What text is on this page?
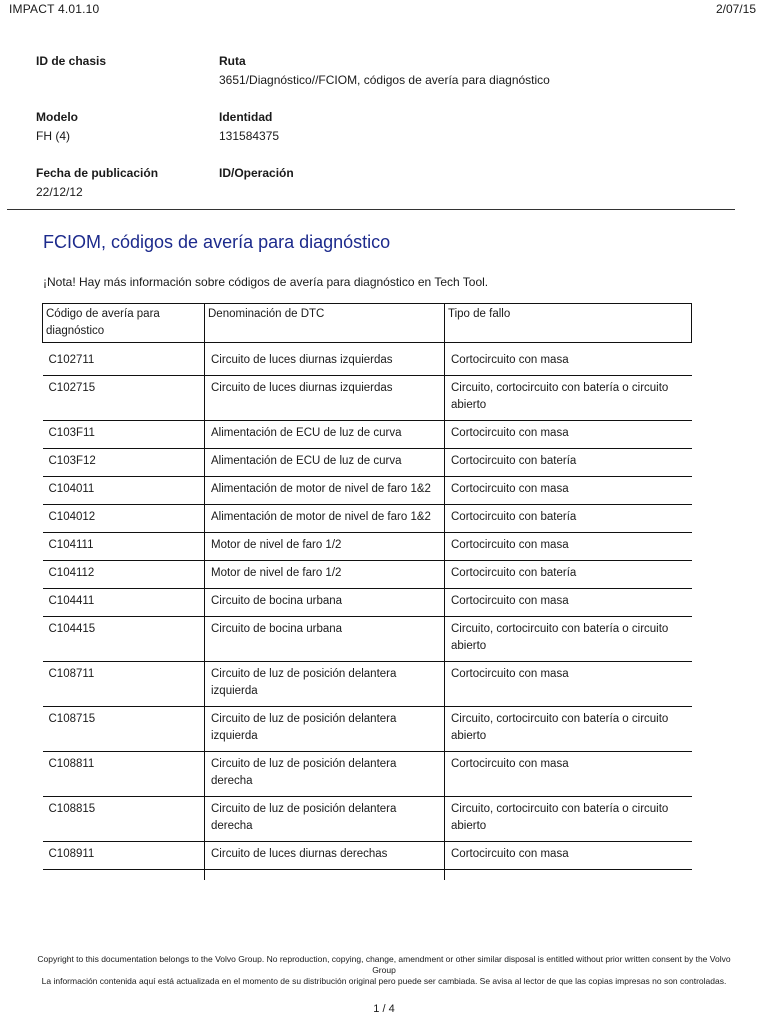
IMPACT 4.01.10	2/07/15
ID de chasis	Ruta
3651/Diagnóstico//FCIOM, códigos de avería para diagnóstico
Modelo
FH (4)
Identidad
131584375
Fecha de publicación
22/12/12
ID/Operación
FCIOM, códigos de avería para diagnóstico
¡Nota! Hay más información sobre códigos de avería para diagnóstico en Tech Tool.
Código de avería para diagnóstico	Denominación de DTC	Tipo de fallo
C102711	Circuito de luces diurnas izquierdas	Cortocircuito con masa
C102715	Circuito de luces diurnas izquierdas	Circuito, cortocircuito con batería o circuito abierto
C103F11	Alimentación de ECU de luz de curva	Cortocircuito con masa
C103F12	Alimentación de ECU de luz de curva	Cortocircuito con batería
C104011	Alimentación de motor de nivel de faro 1&2	Cortocircuito con masa
C104012	Alimentación de motor de nivel de faro 1&2	Cortocircuito con batería
C104111	Motor de nivel de faro 1/2	Cortocircuito con masa
C104112	Motor de nivel de faro 1/2	Cortocircuito con batería
C104411	Circuito de bocina urbana	Cortocircuito con masa
C104415	Circuito de bocina urbana	Circuito, cortocircuito con batería o circuito abierto
C108711	Circuito de luz de posición delantera izquierda	Cortocircuito con masa
C108715	Circuito de luz de posición delantera izquierda	Circuito, cortocircuito con batería o circuito abierto
C108811	Circuito de luz de posición delantera derecha	Cortocircuito con masa
C108815	Circuito de luz de posición delantera derecha	Circuito, cortocircuito con batería o circuito abierto
C108911	Circuito de luces diurnas derechas	Cortocircuito con masa

Copyright to this documentation belongs to the Volvo Group. No reproduction, copying, change, amendment or other similar disposal is entitled without prior written consent by the Volvo Group
La información contenida aquí está actualizada en el momento de su distribución original pero puede ser cambiada. Se avisa al lector de que las copias impresas no son controladas.
1 / 4
